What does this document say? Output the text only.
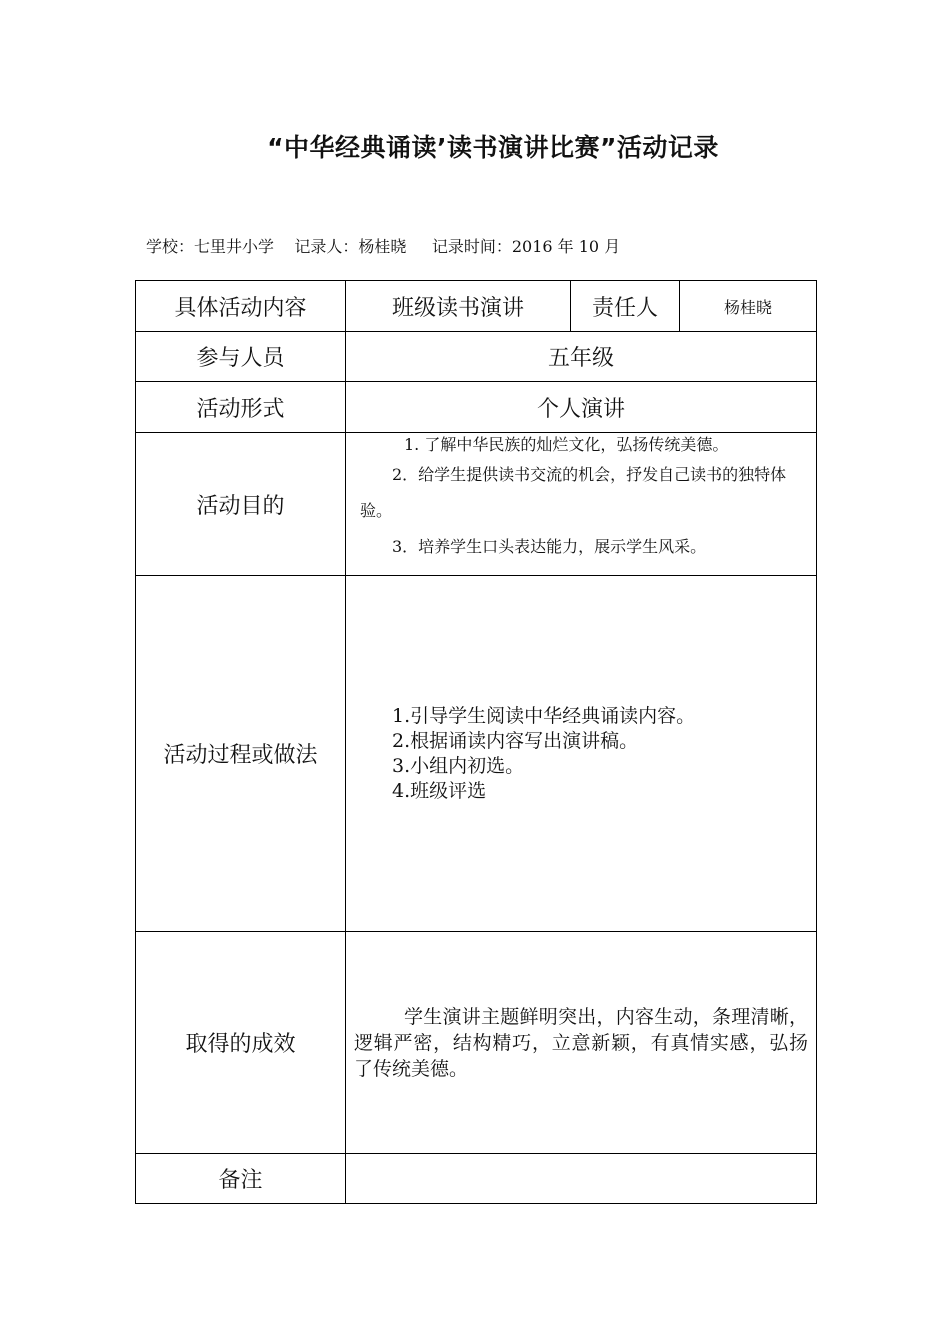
“中华经典诵读’读书演讲比赛”活动记录
学校：七里井小学 记录人：杨桂晓 记录时间：2016 年 10 月
具体活动内容	班级读书演讲	责任人	杨桂晓
参与人员	五年级		
活动形式	个人演讲		
活动目的	1. 了解中华民族的灿烂文化，弘扬传统美德。

2．给学生提供读书交流的机会，抒发自己读书的独特体验。

3．培养学生口头表达能力，展示学生风采。		

活动过程或做法	1.引导学生阅读中华经典诵读内容。
2.根据诵读内容写出演讲稿。
3.小组内初选。
4.班级评选		

取得的成效	学生演讲主题鲜明突出，内容生动，条理清晰，逻辑严密，结构精巧，立意新颖，有真情实感，弘扬了传统美德。		

备注			
